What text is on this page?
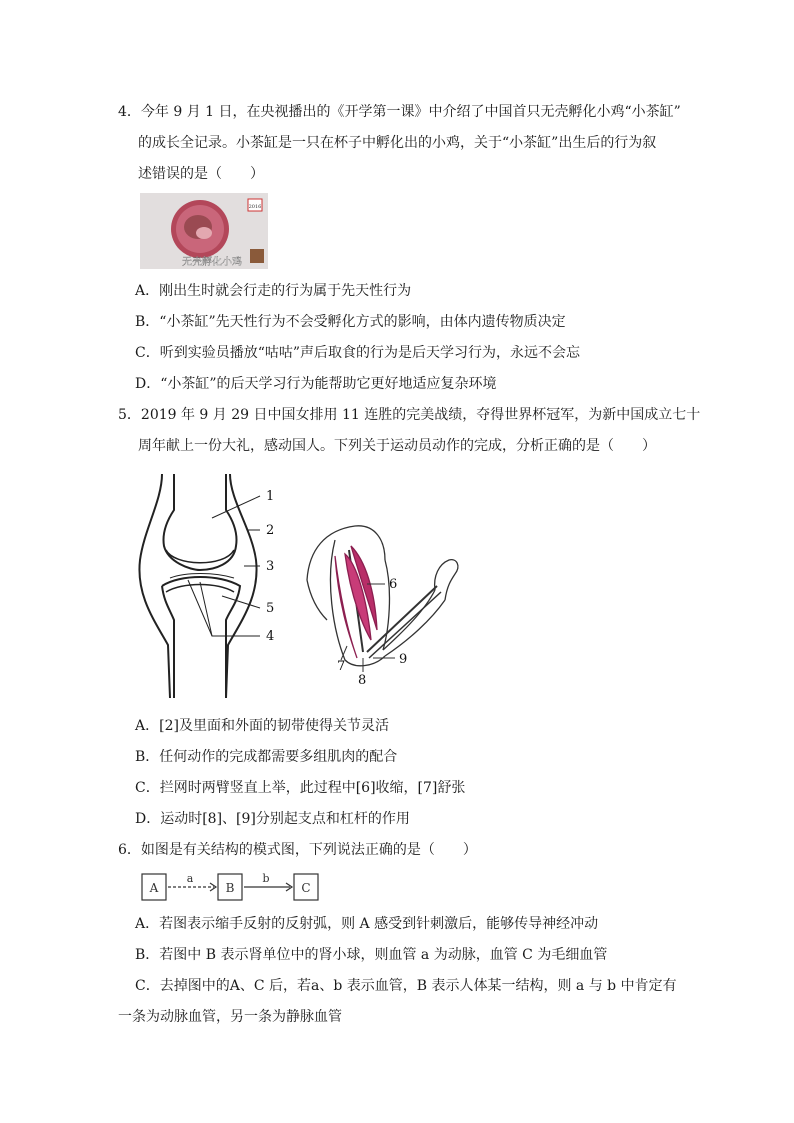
4．今年 9 月 1 日，在央视播出的《开学第一课》中介绍了中国首只无壳孵化小鸡“小茶缸”
的成长全记录。小茶缸是一只在杯子中孵化出的小鸡，关于“小茶缸”出生后的行为叙
述错误的是（　　）
2016
无壳孵化小鸡
A．刚出生时就会行走的行为属于先天性行为
B．“小茶缸”先天性行为不会受孵化方式的影响，由体内遗传物质决定
C．听到实验员播放“咕咕”声后取食的行为是后天学习行为，永远不会忘
D．“小茶缸”的后天学习行为能帮助它更好地适应复杂环境
5．2019 年 9 月 29 日中国女排用 11 连胜的完美战绩，夺得世界杯冠军，为新中国成立七十
周年献上一份大礼，感动国人。下列关于运动员动作的完成，分析正确的是（　　）
1
2
3
5
4
6
7
8
9
A．[2]及里面和外面的韧带使得关节灵活
B．任何动作的完成都需要多组肌肉的配合
C．拦网时两臂竖直上举，此过程中[6]收缩，[7]舒张
D．运动时[8]、[9]分别起支点和杠杆的作用
6．如图是有关结构的模式图，下列说法正确的是（　　）
A	B	C
a	b
A．若图表示缩手反射的反射弧，则 A 感受到针刺激后，能够传导神经冲动
B．若图中 B 表示肾单位中的肾小球，则血管 a 为动脉，血管 C 为毛细血管
C．去掉图中的A、C 后，若a、b 表示血管，B 表示人体某一结构，则 a 与 b 中肯定有
一条为动脉血管，另一条为静脉血管
